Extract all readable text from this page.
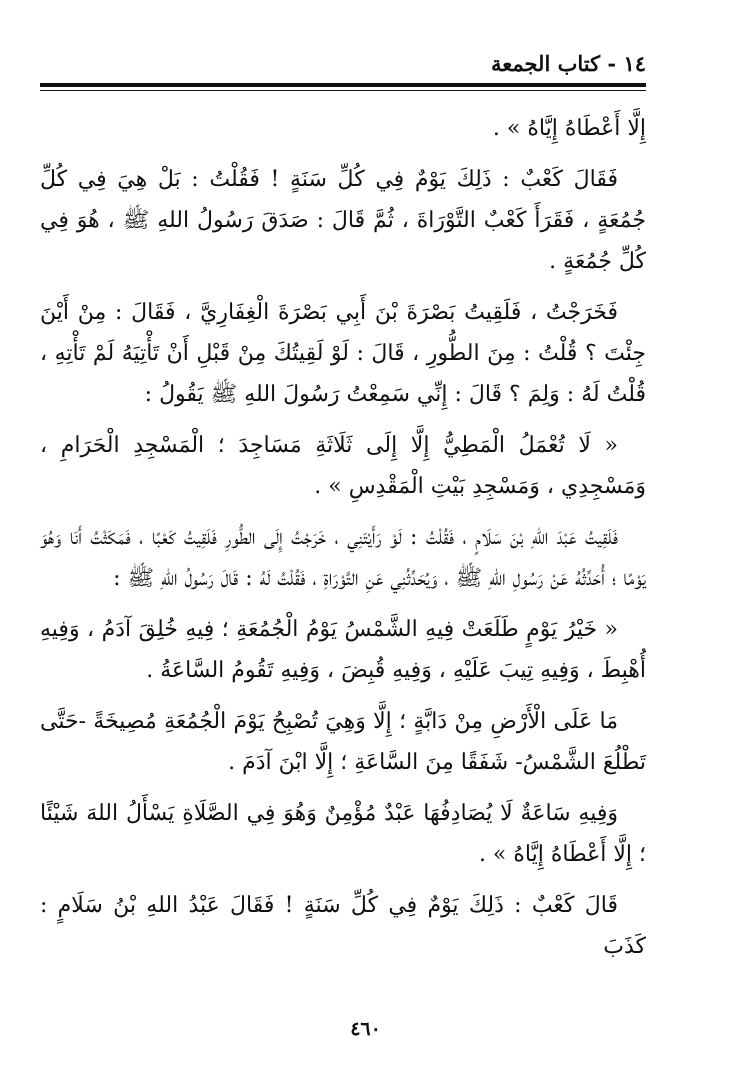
١٤ - كتاب الجمعة

إِلَّا أَعْطَاهُ إِيَّاهُ » .

فَقَالَ كَعْبٌ : ذَلِكَ يَوْمٌ فِي كُلِّ سَنَةٍ ! فَقُلْتُ : بَلْ هِيَ فِي كُلِّ جُمُعَةٍ ، فَقَرَأَ كَعْبٌ التَّوْرَاةَ ، ثُمَّ قَالَ : صَدَقَ رَسُولُ اللهِ ﷺ ، هُوَ فِي كُلِّ جُمُعَةٍ .

فَخَرَجْتُ ، فَلَقِيتُ بَصْرَةَ بْنَ أَبِي بَصْرَةَ الْغِفَارِيَّ ، فَقَالَ : مِنْ أَيْنَ جِئْتَ ؟ قُلْتُ : مِنَ الطُّورِ ، قَالَ : لَوْ لَقِيتُكَ مِنْ قَبْلِ أَنْ تَأْتِيَهُ لَمْ تَأْتِهِ ، قُلْتُ لَهُ : وَلِمَ ؟ قَالَ : إِنِّي سَمِعْتُ رَسُولَ اللهِ ﷺ يَقُولُ :

« لَا تُعْمَلُ الْمَطِيُّ إِلَّا إِلَى ثَلَاثَةِ مَسَاجِدَ ؛ الْمَسْجِدِ الْحَرَامِ ، وَمَسْجِدِي ، وَمَسْجِدِ بَيْتِ الْمَقْدِسِ » .

فَلَقِيتُ عَبْدَ اللهِ بْنَ سَلَامٍ ، فَقُلْتُ : لَوْ رَأَيْتَنِي ، خَرَجْتُ إِلَى الطُّورِ فَلَقِيتُ كَعْبًا ، فَمَكَثْتُ أَنَا وَهُوَ يَوْمًا ؛ أُحَدِّثُهُ عَنْ رَسُولِ اللهِ ﷺ ، وَيُحَدِّثُنِي عَنِ التَّوْرَاةِ ، فَقُلْتُ لَهُ : قَالَ رَسُولُ اللهِ ﷺ :

« خَيْرُ يَوْمٍ طَلَعَتْ فِيهِ الشَّمْسُ يَوْمُ الْجُمُعَةِ ؛ فِيهِ خُلِقَ آدَمُ ، وَفِيهِ أُهْبِطَ ، وَفِيهِ تِيبَ عَلَيْهِ ، وَفِيهِ قُبِضَ ، وَفِيهِ تَقُومُ السَّاعَةُ .

مَا عَلَى الْأَرْضِ مِنْ دَابَّةٍ ؛ إِلَّا وَهِيَ تُصْبِحُ يَوْمَ الْجُمُعَةِ مُصِيخَةً -حَتَّى تَطْلُعَ الشَّمْسُ- شَفَقًا مِنَ السَّاعَةِ ؛ إِلَّا ابْنَ آدَمَ .

وَفِيهِ سَاعَةٌ لَا يُصَادِفُهَا عَبْدٌ مُؤْمِنٌ وَهُوَ فِي الصَّلَاةِ يَسْأَلُ اللهَ شَيْئًا ؛ إِلَّا أَعْطَاهُ إِيَّاهُ » .

قَالَ كَعْبٌ : ذَلِكَ يَوْمٌ فِي كُلِّ سَنَةٍ ! فَقَالَ عَبْدُ اللهِ بْنُ سَلَامٍ : كَذَبَ

٤٦٠
